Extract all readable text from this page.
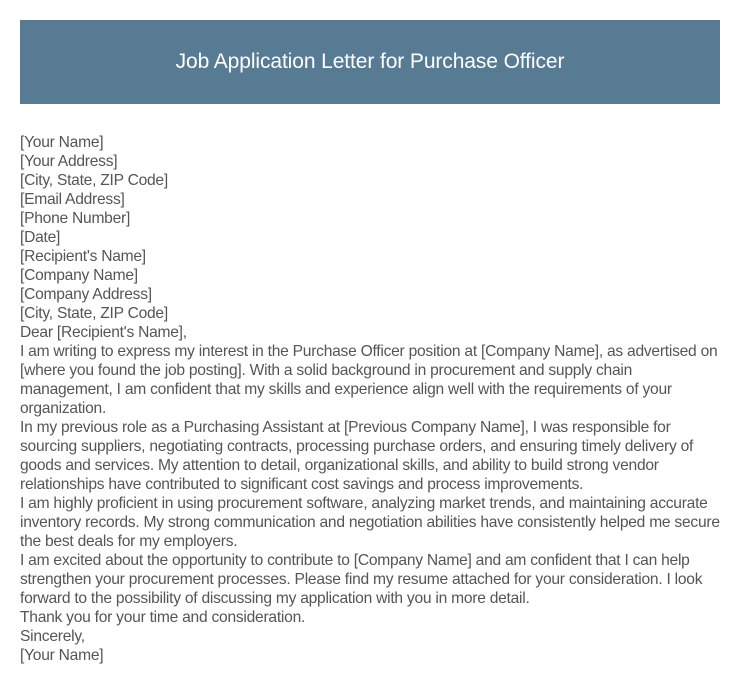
Job Application Letter for Purchase Officer

[Your Name]

[Your Address]

[City, State, ZIP Code]

[Email Address]

[Phone Number]

[Date]

[Recipient's Name]

[Company Name]

[Company Address]

[City, State, ZIP Code]

Dear [Recipient's Name],

I am writing to express my interest in the Purchase Officer position at [Company Name], as advertised on [where you found the job posting]. With a solid background in procurement and supply chain management, I am confident that my skills and experience align well with the requirements of your organization.

In my previous role as a Purchasing Assistant at [Previous Company Name], I was responsible for sourcing suppliers, negotiating contracts, processing purchase orders, and ensuring timely delivery of goods and services. My attention to detail, organizational skills, and ability to build strong vendor relationships have contributed to significant cost savings and process improvements.

I am highly proficient in using procurement software, analyzing market trends, and maintaining accurate inventory records. My strong communication and negotiation abilities have consistently helped me secure the best deals for my employers.

I am excited about the opportunity to contribute to [Company Name] and am confident that I can help strengthen your procurement processes. Please find my resume attached for your consideration. I look forward to the possibility of discussing my application with you in more detail.

Thank you for your time and consideration.

Sincerely,

[Your Name]
